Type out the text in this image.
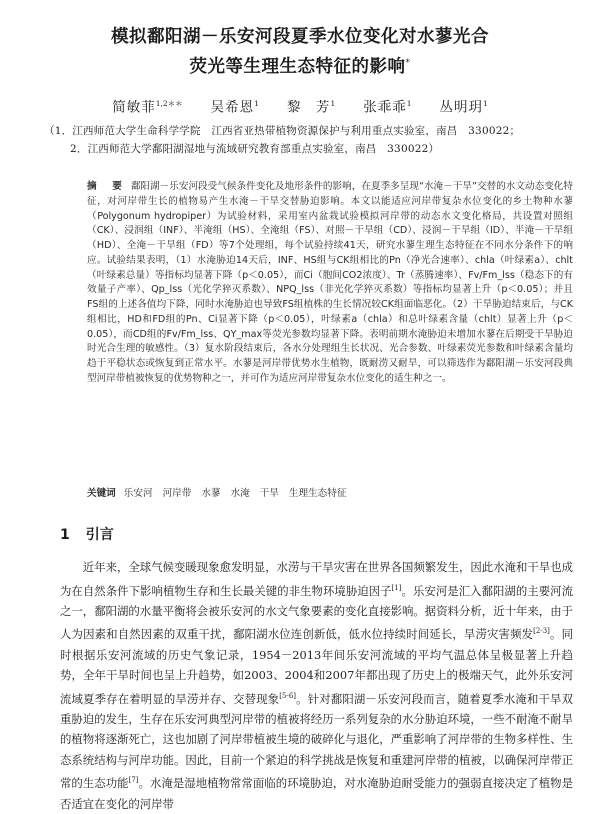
模拟鄱阳湖－乐安河段夏季水位变化对水蓼光合
荧光等生理生态特征的影响*
简敏菲$^{1,2**}$ 吴希恩$^1$ 黎　芳$^1$ 张乖乖$^1$ 丛明玥$^1$
（1．江西师范大学生命科学学院　江西省亚热带植物资源保护与利用重点实验室，南昌　330022；
2．江西师范大学鄱阳湖湿地与流域研究教育部重点实验室，南昌　330022）

摘　要 鄱阳湖－乐安河段受气候条件变化及地形条件的影响，在夏季多呈现“水淹－干旱”交替的水文动态变化特征，对河岸带生长的植物易产生水淹－干旱交替胁迫影响。本文以能适应河岸带复杂水位变化的乡土物种水蓼（Polygonum hydropiper）为试验材料，采用室内盆栽试验模拟河岸带的动态水文变化格局，共设置对照组（CK）、浸润组（INF）、半淹组（HS）、全淹组（FS）、对照－干旱组（CD）、浸润－干旱组（ID）、半淹－干旱组（HD）、全淹－干旱组（FD）等7个处理组，每个试验持续41天，研究水蓼生理生态特征在不同水分条件下的响应。试验结果表明，（1）水淹胁迫14天后，INF、HS组与CK组相比的Pn（净光合速率）、chla（叶绿素a）、chlt（叶绿素总量）等指标均显著下降（p＜0.05），而Ci（胞间CO2浓度）、Tr（蒸腾速率）、Fv/Fm_lss（稳态下的有效量子产率）、Qp_lss（光化学猝灭系数）、NPQ_lss（非光化学猝灭系数）等指标均显著上升（p＜0.05）；并且FS组的上述各值均下降，同时水淹胁迫也导致FS组植株的生长情况较CK组面临恶化。（2）干旱胁迫结束后，与CK组相比，HD和FD组的Pn、Ci显著下降（p＜0.05），叶绿素a（chla）和总叶绿素含量（chlt）显著上升（p＜0.05），而CD组的Fv/Fm_lss、QY_max等荧光参数均显著下降。表明前期水淹胁迫未增加水蓼在后期受干旱胁迫时光合生理的敏感性。（3）复水阶段结束后，各水分处理组生长状况、光合参数、叶绿素荧光参数和叶绿素含量均趋于平稳状态或恢复到正常水平。水蓼是河岸带优势水生植物，既耐涝又耐旱，可以筛选作为鄱阳湖－乐安河段典型河岸带植被恢复的优势物种之一，并可作为适应河岸带复杂水位变化的适生种之一。

关键词 乐安河 河岸带 水蓼 水淹 干旱 生理生态特征
1 引言

近年来，全球气候变暖现象愈发明显，水涝与干旱灾害在世界各国频繁发生，因此水淹和干旱也成为在自然条件下影响植物生存和生长最关键的非生物环境胁迫因子[1]。乐安河是汇入鄱阳湖的主要河流之一，鄱阳湖的水量平衡将会被乐安河的水文气象要素的变化直接影响。据资料分析，近十年来，由于人为因素和自然因素的双重干扰，鄱阳湖水位连创新低，低水位持续时间延长，旱涝灾害频发[2-3]。同时根据乐安河流域的历史气象记录，1954－2013年间乐安河流域的平均气温总体呈极显著上升趋势，全年干旱时间也呈上升趋势，如2003、2004和2007年都出现了历史上的极端天气，此外乐安河流域夏季存在着明显的旱涝并存、交替现象[5-6]。针对鄱阳湖－乐安河段而言，随着夏季水淹和干旱双重胁迫的发生，生存在乐安河典型河岸带的植被将经历一系列复杂的水分胁迫环境，一些不耐淹不耐旱的植物将逐渐死亡，这也加剧了河岸带植被生境的破碎化与退化，严重影响了河岸带的生物多样性、生态系统结构与河岸功能。因此，目前一个紧迫的科学挑战是恢复和重建河岸带的植被，以确保河岸带正常的生态功能[7]。水淹是湿地植物常常面临的环境胁迫，对水淹胁迫耐受能力的强弱直接决定了植物是否适宜在变化的河岸带
